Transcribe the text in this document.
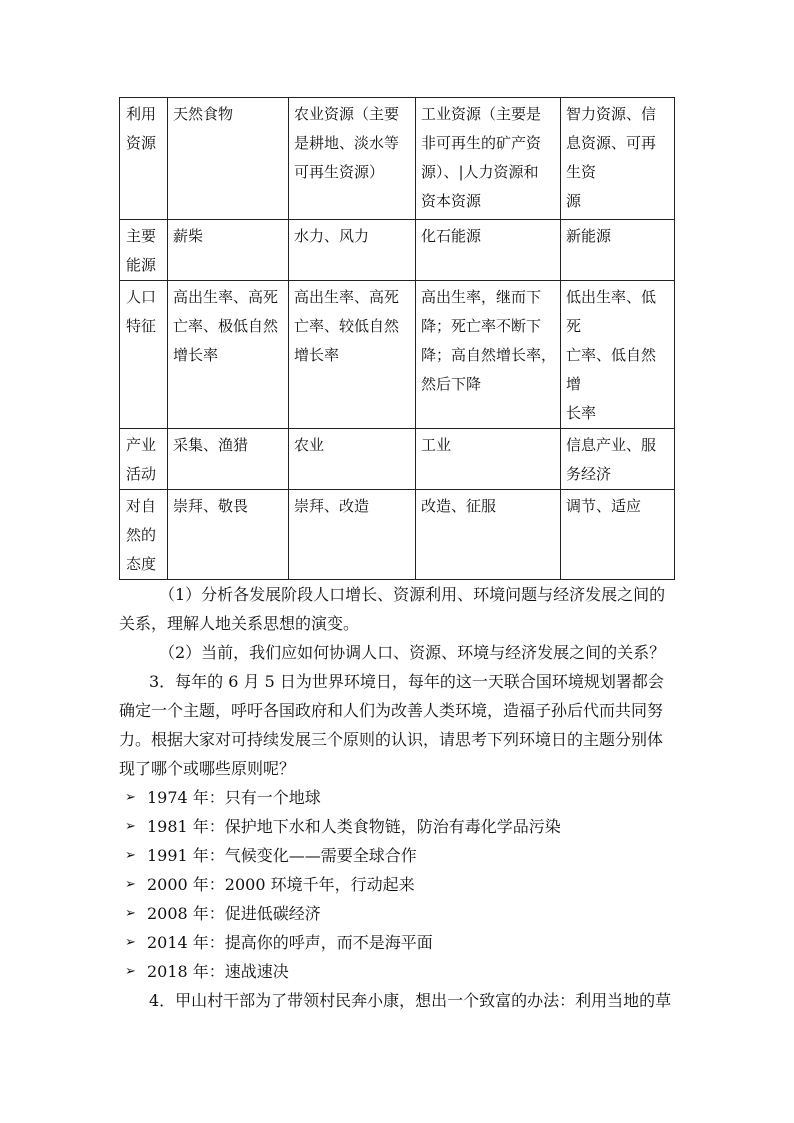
利用
资源	天然食物	农业资源（主要
是耕地、淡水等
可再生资源）	工业资源（主要是
非可再生的矿产资
源）、|人力资源和
资本资源	智力资源、信
息资源、可再
生资
源

主要
能源	薪柴	水力、风力	化石能源	新能源

人口
特征	高出生率、高死
亡率、极低自然
增长率	高出生率、高死
亡率、较低自然
增长率	高出生率，继而下
降；死亡率不断下
降；高自然增长率，
然后下降	低出生率、低
死
亡率、低自然
增
长率

产业
活动	采集、渔猎	农业	工业	信息产业、服
务经济

对自
然的
态度	崇拜、敬畏	崇拜、改造	改造、征服	调节、适应

（1）分析各发展阶段人口增长、资源利用、环境问题与经济发展之间的关系，理解人地关系思想的演变。

（2）当前，我们应如何协调人口、资源、环境与经济发展之间的关系？

3．每年的 6 月 5 日为世界环境日，每年的这一天联合国环境规划署都会确定一个主题，呼吁各国政府和人们为改善人类环境，造福子孙后代而共同努力。根据大家对可持续发展三个原则的认识，请思考下列环境日的主题分别体现了哪个或哪些原则呢？

➢ 1974 年：只有一个地球
➢ 1981 年：保护地下水和人类食物链，防治有毒化学品污染
➢ 1991 年：气候变化——需要全球合作
➢ 2000 年：2000 环境千年，行动起来
➢ 2008 年：促进低碳经济
➢ 2014 年：提高你的呼声，而不是海平面
➢ 2018 年：速战速决

4．甲山村干部为了带领村民奔小康，想出一个致富的办法：利用当地的草
